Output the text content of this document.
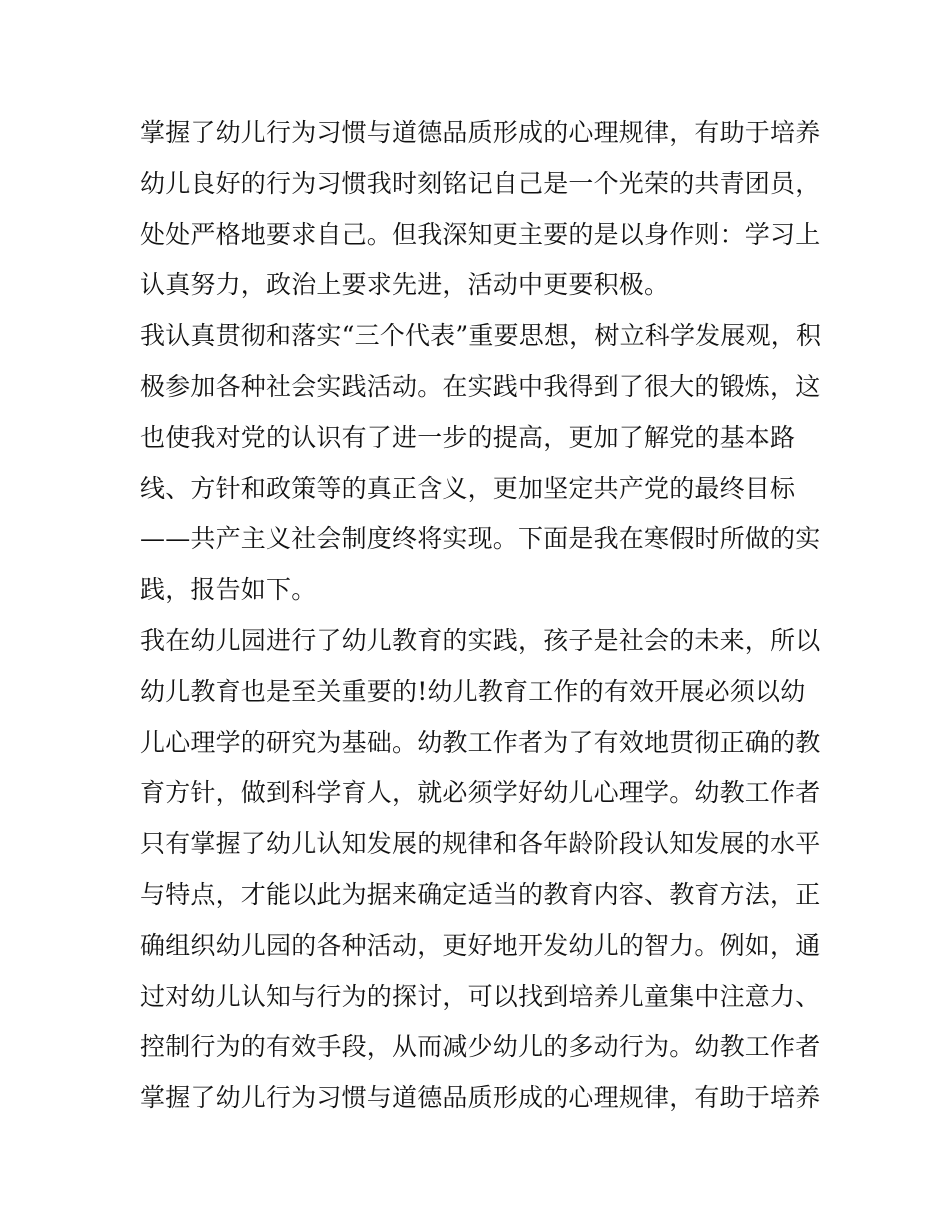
掌握了幼儿行为习惯与道德品质形成的心理规律，有助于培养
幼儿良好的行为习惯我时刻铭记自己是一个光荣的共青团员，
处处严格地要求自己。但我深知更主要的是以身作则：学习上
认真努力，政治上要求先进，活动中更要积极。
我认真贯彻和落实“三个代表”重要思想，树立科学发展观，积
极参加各种社会实践活动。在实践中我得到了很大的锻炼，这
也使我对党的认识有了进一步的提高，更加了解党的基本路
线、方针和政策等的真正含义，更加坚定共产党的最终目标
——共产主义社会制度终将实现。下面是我在寒假时所做的实
践，报告如下。
我在幼儿园进行了幼儿教育的实践，孩子是社会的未来，所以
幼儿教育也是至关重要的!幼儿教育工作的有效开展必须以幼
儿心理学的研究为基础。幼教工作者为了有效地贯彻正确的教
育方针，做到科学育人，就必须学好幼儿心理学。幼教工作者
只有掌握了幼儿认知发展的规律和各年龄阶段认知发展的水平
与特点，才能以此为据来确定适当的教育内容、教育方法，正
确组织幼儿园的各种活动，更好地开发幼儿的智力。例如，通
过对幼儿认知与行为的探讨，可以找到培养儿童集中注意力、
控制行为的有效手段，从而减少幼儿的多动行为。幼教工作者
掌握了幼儿行为习惯与道德品质形成的心理规律，有助于培养
